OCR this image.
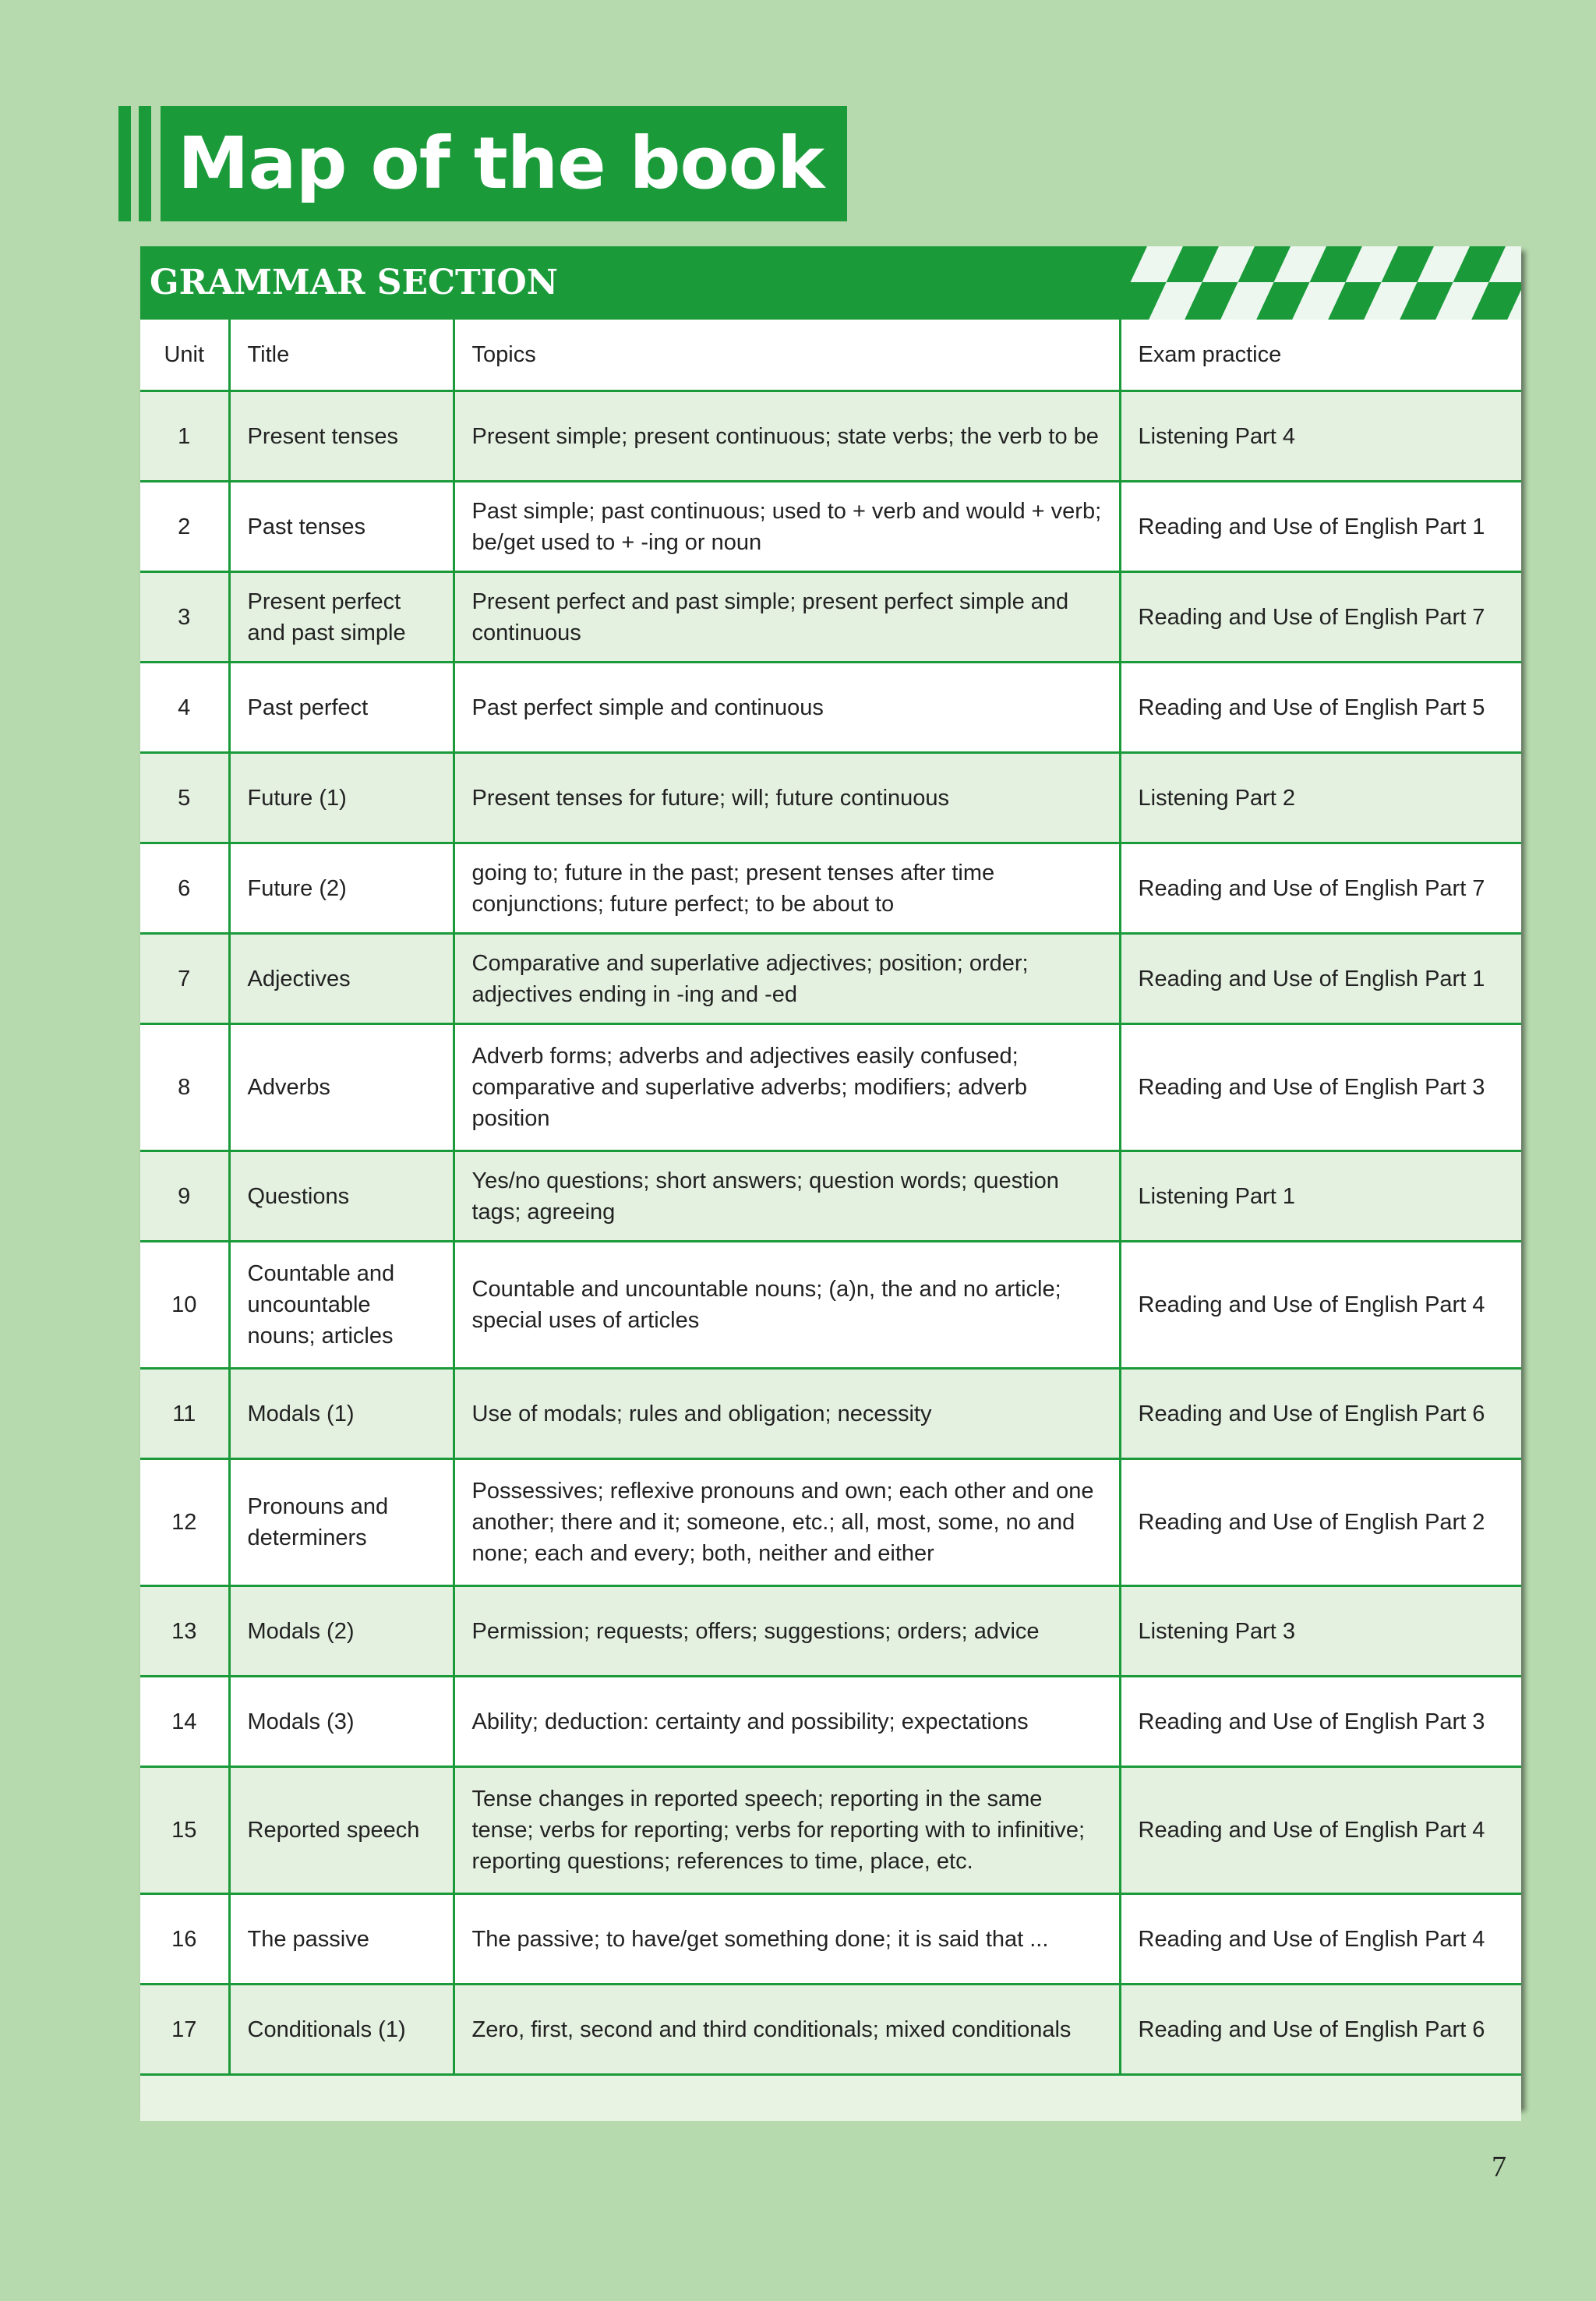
Map of the book
GRAMMAR SECTION
Unit	Title	Topics	Exam practice
1	Present tenses	Present simple; present continuous; state verbs; the verb to be	Listening Part 4
2	Past tenses	Past simple; past continuous; used to + verb and would + verb; be/get used to + -ing or noun	Reading and Use of English Part 1
3	Present perfect and past simple	Present perfect and past simple; present perfect simple and continuous	Reading and Use of English Part 7
4	Past perfect	Past perfect simple and continuous	Reading and Use of English Part 5
5	Future (1)	Present tenses for future; will; future continuous	Listening Part 2
6	Future (2)	going to; future in the past; present tenses after time conjunctions; future perfect; to be about to	Reading and Use of English Part 7
7	Adjectives	Comparative and superlative adjectives; position; order; adjectives ending in -ing and -ed	Reading and Use of English Part 1
8	Adverbs	Adverb forms; adverbs and adjectives easily confused; comparative and superlative adverbs; modifiers; adverb position	Reading and Use of English Part 3
9	Questions	Yes/no questions; short answers; question words; question tags; agreeing	Listening Part 1
10	Countable and uncountable nouns; articles	Countable and uncountable nouns; (a)n, the and no article; special uses of articles	Reading and Use of English Part 4
11	Modals (1)	Use of modals; rules and obligation; necessity	Reading and Use of English Part 6
12	Pronouns and determiners	Possessives; reflexive pronouns and own; each other and one another; there and it; someone, etc.; all, most, some, no and none; each and every; both, neither and either	Reading and Use of English Part 2
13	Modals (2)	Permission; requests; offers; suggestions; orders; advice	Listening Part 3
14	Modals (3)	Ability; deduction: certainty and possibility; expectations	Reading and Use of English Part 3
15	Reported speech	Tense changes in reported speech; reporting in the same tense; verbs for reporting; verbs for reporting with to infinitive; reporting questions; references to time, place, etc.	Reading and Use of English Part 4
16	The passive	The passive; to have/get something done; it is said that ...	Reading and Use of English Part 4
17	Conditionals (1)	Zero, first, second and third conditionals; mixed conditionals	Reading and Use of English Part 6
7
